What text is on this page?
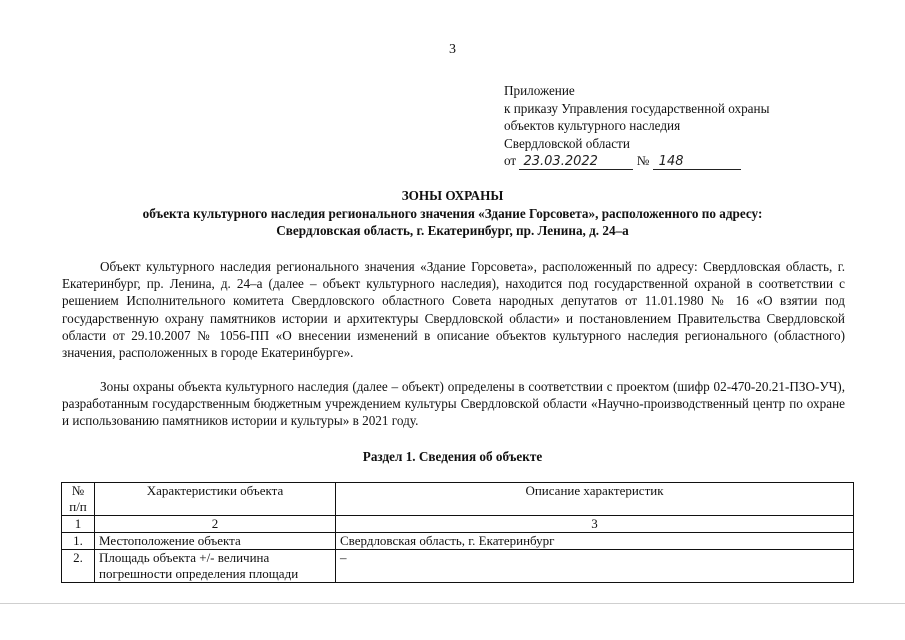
3
Приложение
к приказу Управления государственной охраны
объектов культурного наследия
Свердловской области
от 23.03.2022	№ 148
ЗОНЫ ОХРАНЫ
объекта культурного наследия регионального значения «Здание Горсовета», расположенного по адресу:
Свердловская область, г. Екатеринбург, пр. Ленина, д. 24–а
Объект культурного наследия регионального значения «Здание Горсовета», расположенный по адресу: Свердловская область, г. Екатеринбург, пр. Ленина, д. 24–а (далее – объект культурного наследия), находится под государственной охраной в соответствии с решением Исполнительного комитета Свердловского областного Совета народных депутатов от 11.01.1980 № 16 «О взятии под государственную охрану памятников истории и архитектуры Свердловской области» и постановлением Правительства Свердловской области от 29.10.2007 № 1056-ПП «О внесении изменений в описание объектов культурного наследия регионального (областного) значения, расположенных в городе Екатеринбурге».
Зоны охраны объекта культурного наследия (далее – объект) определены в соответствии с проектом (шифр 02-470-20.21-ПЗО-УЧ), разработанным государственным бюджетным учреждением культуры Свердловской области «Научно-производственный центр по охране и использованию памятников истории и культуры» в 2021 году.
Раздел 1. Сведения об объекте
№ п/п	Характеристики объекта	Описание характеристик
1	2	3
1.	Местоположение объекта	Свердловская область, г. Екатеринбург
2.	Площадь объекта +/- величина погрешности определения площади	–
